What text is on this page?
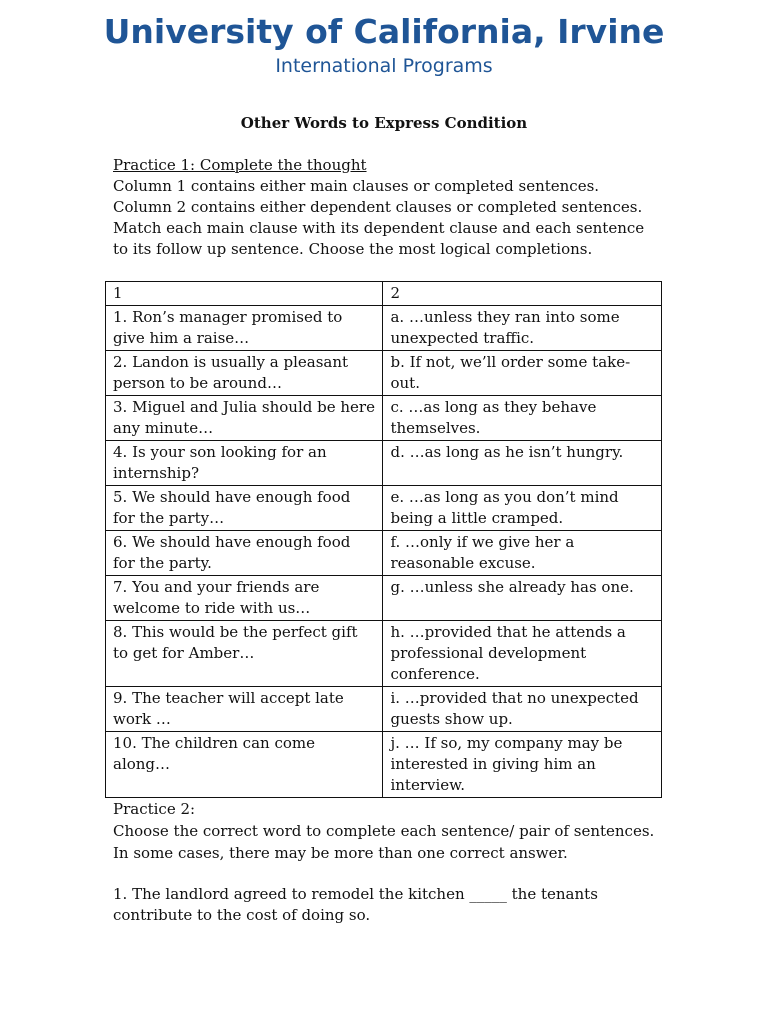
University of California, Irvine
International Programs
Other Words to Express Condition
Practice 1: Complete the thought

Column 1 contains either main clauses or completed sentences. Column 2 contains either dependent clauses or completed sentences. Match each main clause with its dependent clause and each sentence to its follow up sentence. Choose the most logical completions.

1	2
1. Ron’s manager promised to give him a raise…	a. …unless they ran into some unexpected traffic.
2. Landon is usually a pleasant person to be around…	b. If not, we’ll order some take-out.
3. Miguel and Julia should be here any minute…	c. …as long as they behave themselves.
4. Is your son looking for an internship?	d. …as long as he isn’t hungry.
5. We should have enough food for the party…	e. …as long as you don’t mind being a little cramped.
6. We should have enough food for the party.	f. …only if we give her a reasonable excuse.
7. You and your friends are welcome to ride with us…	g. …unless she already has one.
8. This would be the perfect gift to get for Amber…	h. …provided that he attends a professional development conference.
9. The teacher will accept late work …	i. …provided that no unexpected guests show up.
10. The children can come along…	j. … If so, my company may be interested in giving him an interview.
Practice 2:

Choose the correct word to complete each sentence/ pair of sentences. In some cases, there may be more than one correct answer.

1. The landlord agreed to remodel the kitchen _____ the tenants contribute to the cost of doing so.
